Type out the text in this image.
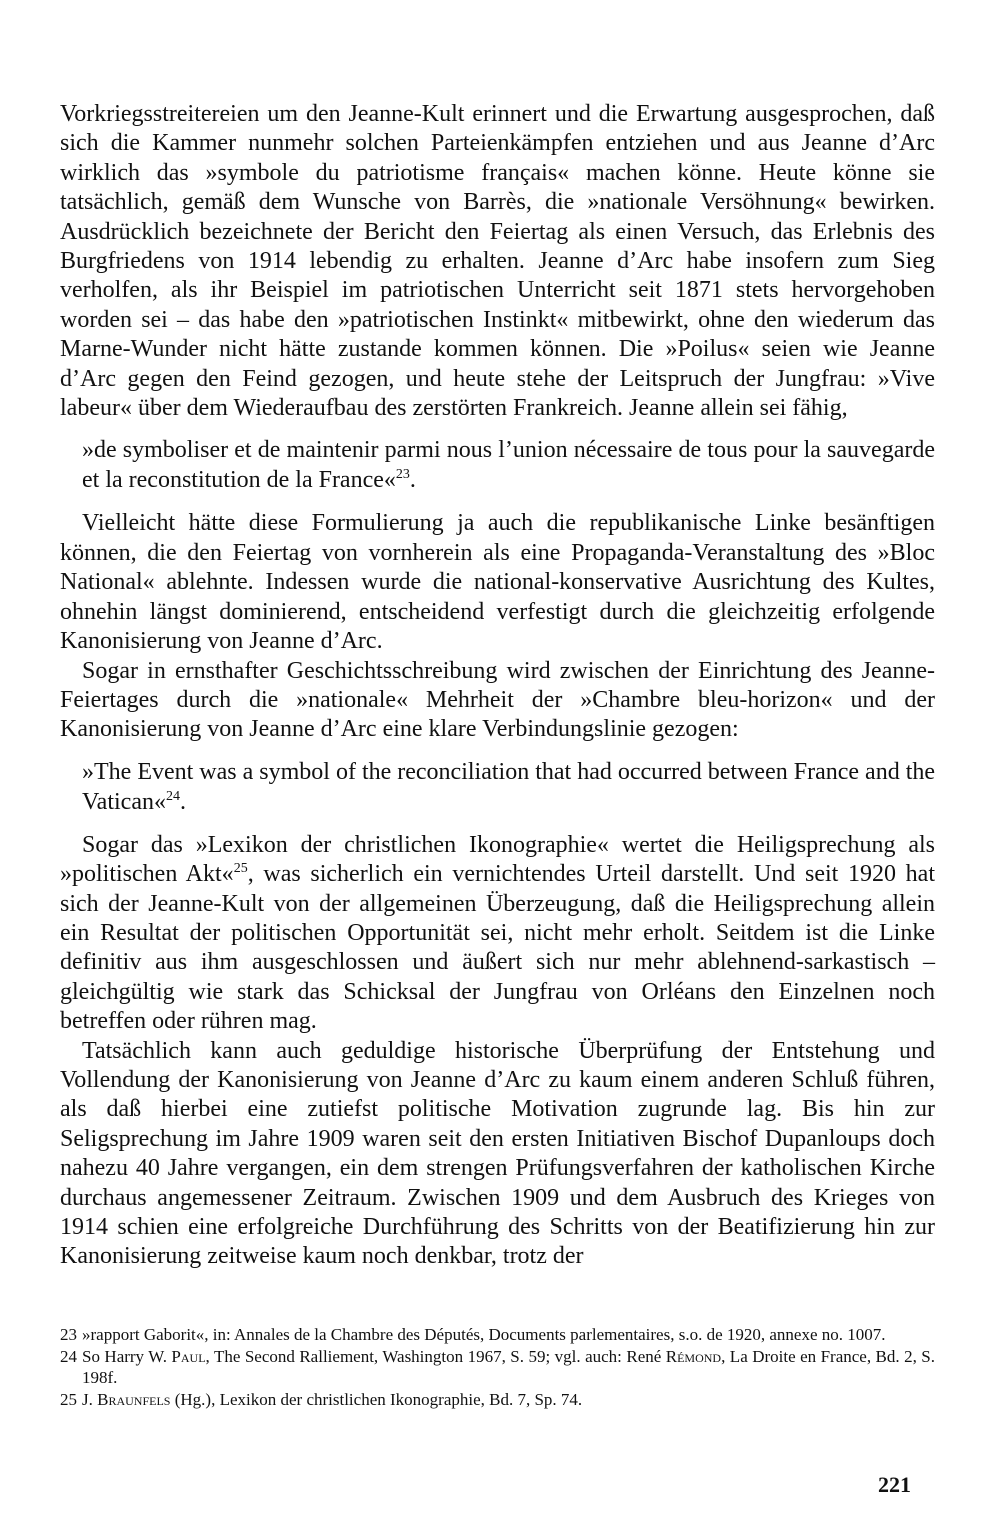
Vorkriegsstreitereien um den Jeanne-Kult erinnert und die Erwartung ausgesprochen, daß sich die Kammer nunmehr solchen Parteienkämpfen entziehen und aus Jeanne d’Arc wirklich das »symbole du patriotisme français« machen könne. Heute könne sie tatsächlich, gemäß dem Wunsche von Barrès, die »nationale Versöhnung« bewirken. Ausdrücklich bezeichnete der Bericht den Feiertag als einen Versuch, das Erlebnis des Burgfriedens von 1914 lebendig zu erhalten. Jeanne d’Arc habe insofern zum Sieg verholfen, als ihr Beispiel im patriotischen Unterricht seit 1871 stets hervorgehoben worden sei – das habe den »patriotischen Instinkt« mitbewirkt, ohne den wiederum das Marne-Wunder nicht hätte zustande kommen können. Die »Poilus« seien wie Jeanne d’Arc gegen den Feind gezogen, und heute stehe der Leitspruch der Jungfrau: »Vive labeur« über dem Wiederaufbau des zerstörten Frankreich. Jeanne allein sei fähig,

»de symboliser et de maintenir parmi nous l’union nécessaire de tous pour la sauvegarde et la reconstitution de la France«$^{23}$.

Vielleicht hätte diese Formulierung ja auch die republikanische Linke besänftigen können, die den Feiertag von vornherein als eine Propaganda-Veranstaltung des »Bloc National« ablehnte. Indessen wurde die national-konservative Ausrichtung des Kultes, ohnehin längst dominierend, entscheidend verfestigt durch die gleichzeitig erfolgende Kanonisierung von Jeanne d’Arc.

Sogar in ernsthafter Geschichtsschreibung wird zwischen der Einrichtung des Jeanne-Feiertages durch die »nationale« Mehrheit der »Chambre bleu-horizon« und der Kanonisierung von Jeanne d’Arc eine klare Verbindungslinie gezogen:

»The Event was a symbol of the reconciliation that had occurred between France and the Vatican«$^{24}$.

Sogar das »Lexikon der christlichen Ikonographie« wertet die Heiligsprechung als »politischen Akt«$^{25}$, was sicherlich ein vernichtendes Urteil darstellt. Und seit 1920 hat sich der Jeanne-Kult von der allgemeinen Überzeugung, daß die Heiligsprechung allein ein Resultat der politischen Opportunität sei, nicht mehr erholt. Seitdem ist die Linke definitiv aus ihm ausgeschlossen und äußert sich nur mehr ablehnend-sarkastisch – gleichgültig wie stark das Schicksal der Jungfrau von Orléans den Einzelnen noch betreffen oder rühren mag.

Tatsächlich kann auch geduldige historische Überprüfung der Entstehung und Vollendung der Kanonisierung von Jeanne d’Arc zu kaum einem anderen Schluß führen, als daß hierbei eine zutiefst politische Motivation zugrunde lag. Bis hin zur Seligsprechung im Jahre 1909 waren seit den ersten Initiativen Bischof Dupanloups doch nahezu 40 Jahre vergangen, ein dem strengen Prüfungsverfahren der katholischen Kirche durchaus angemessener Zeitraum. Zwischen 1909 und dem Ausbruch des Krieges von 1914 schien eine erfolgreiche Durchführung des Schritts von der Beatifizierung hin zur Kanonisierung zeitweise kaum noch denkbar, trotz der

23 »rapport Gaborit«, in: Annales de la Chambre des Députés, Documents parlementaires, s.o. de 1920, annexe no. 1007.
24 So Harry W. Paul, The Second Ralliement, Washington 1967, S. 59; vgl. auch: René Rémond, La Droite en France, Bd. 2, S. 198f.
25 J. Braunfels (Hg.), Lexikon der christlichen Ikonographie, Bd. 7, Sp. 74.
221
